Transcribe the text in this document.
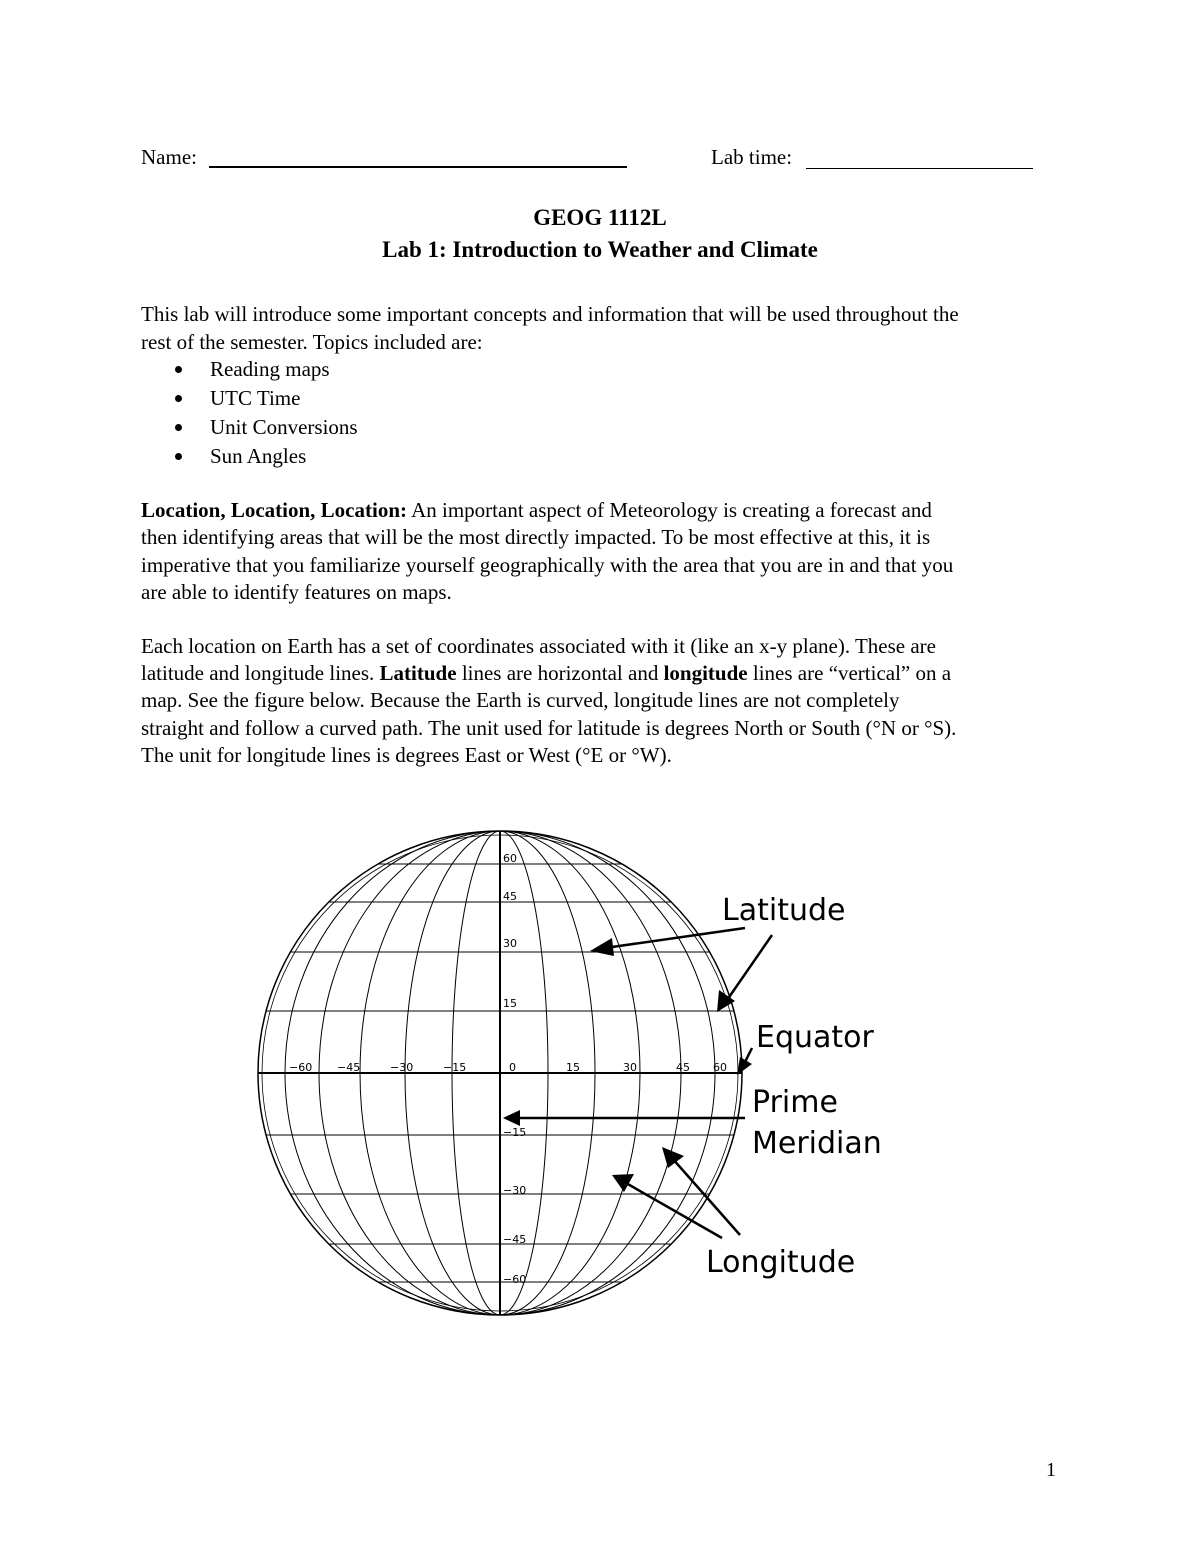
Name:	Lab time:
GEOG 1112L
Lab 1: Introduction to Weather and Climate
This lab will introduce some important concepts and information that will be used throughout the
rest of the semester. Topics included are:
Reading maps
UTC Time
Unit Conversions
Sun Angles
Location, Location, Location: An important aspect of Meteorology is creating a forecast and
then identifying areas that will be the most directly impacted. To be most effective at this, it is
imperative that you familiarize yourself geographically with the area that you are in and that you
are able to identify features on maps.
Each location on Earth has a set of coordinates associated with it (like an x-y plane). These are
latitude and longitude lines. Latitude lines are horizontal and longitude lines are “vertical” on a
map. See the figure below. Because the Earth is curved, longitude lines are not completely
straight and follow a curved path. The unit used for latitude is degrees North or South (°N or °S).
The unit for longitude lines is degrees East or West (°E or °W).
60
45
30
15
−15
−30
−45
−60
−60 −45	−30	−15	0	15	30	45 60
Latitude
Equator
Prime
Meridian
Longitude
1
